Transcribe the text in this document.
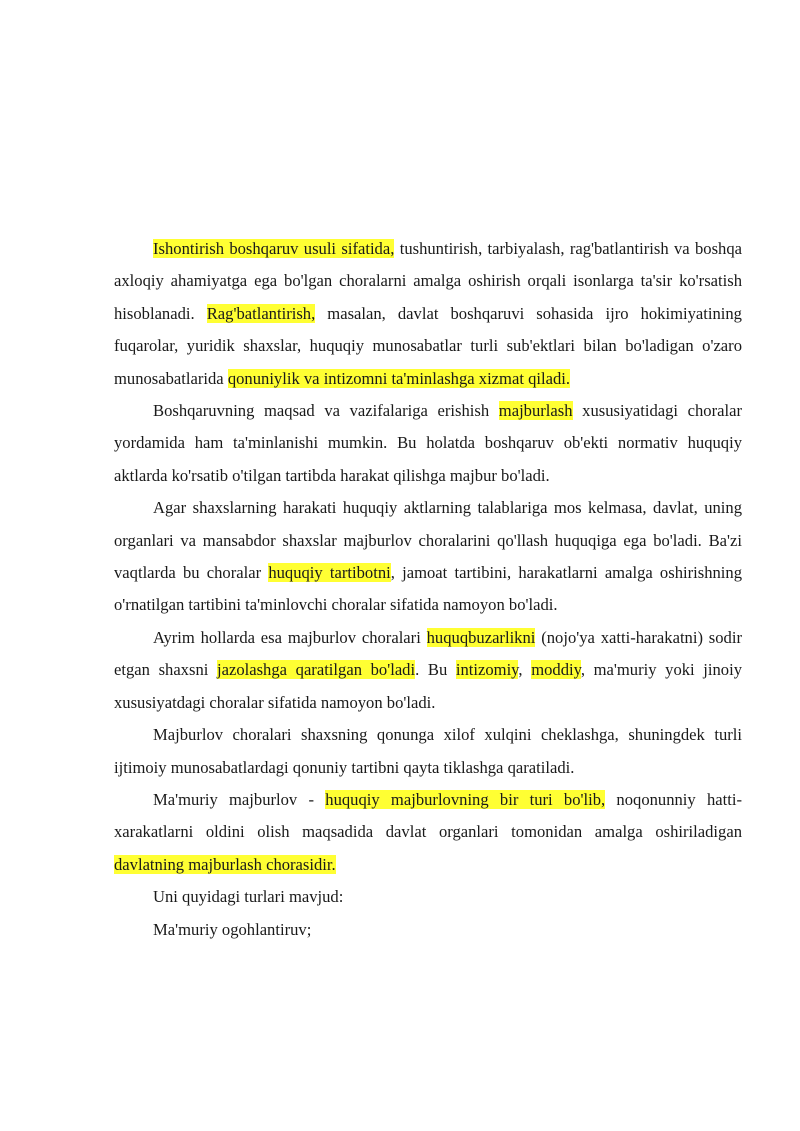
Ishontirish boshqaruv usuli sifatida, tushuntirish, tarbiyalash, rag'batlantirish va boshqa axloqiy ahamiyatga ega bo'lgan choralarni amalga oshirish orqali isonlarga ta'sir ko'rsatish hisoblanadi. Rag'batlantirish, masalan, davlat boshqaruvi sohasida ijro hokimiyatining fuqarolar, yuridik shaxslar, huquqiy munosabatlar turli sub'ektlari bilan bo'ladigan o'zaro munosabatlarida qonuniylik va intizomni ta'minlashga xizmat qiladi.

Boshqaruvning maqsad va vazifalariga erishish majburlash xususiyatidagi choralar yordamida ham ta'minlanishi mumkin. Bu holatda boshqaruv ob'ekti normativ huquqiy aktlarda ko'rsatib o'tilgan tartibda harakat qilishga majbur bo'ladi.

Agar shaxslarning harakati huquqiy aktlarning talablariga mos kelmasa, davlat, uning organlari va mansabdor shaxslar majburlov choralarini qo'llash huquqiga ega bo'ladi. Ba'zi vaqtlarda bu choralar huquqiy tartibotni, jamoat tartibini, harakatlarni amalga oshirishning o'rnatilgan tartibini ta'minlovchi choralar sifatida namoyon bo'ladi.

Ayrim hollarda esa majburlov choralari huquqbuzarlikni (nojo'ya xatti-harakatni) sodir etgan shaxsni jazolashga qaratilgan bo'ladi. Bu intizomiy, moddiy, ma'muriy yoki jinoiy xususiyatdagi choralar sifatida namoyon bo'ladi.

Majburlov choralari shaxsning qonunga xilof xulqini cheklashga, shuningdek turli ijtimoiy munosabatlardagi qonuniy tartibni qayta tiklashga qaratiladi.

Ma'muriy majburlov - huquqiy majburlovning bir turi bo'lib, noqonunniy hatti-xarakatlarni oldini olish maqsadida davlat organlari tomonidan amalga oshiriladigan davlatning majburlash chorasidir.

Uni quyidagi turlari mavjud:

Ma'muriy ogohlantiruv;
